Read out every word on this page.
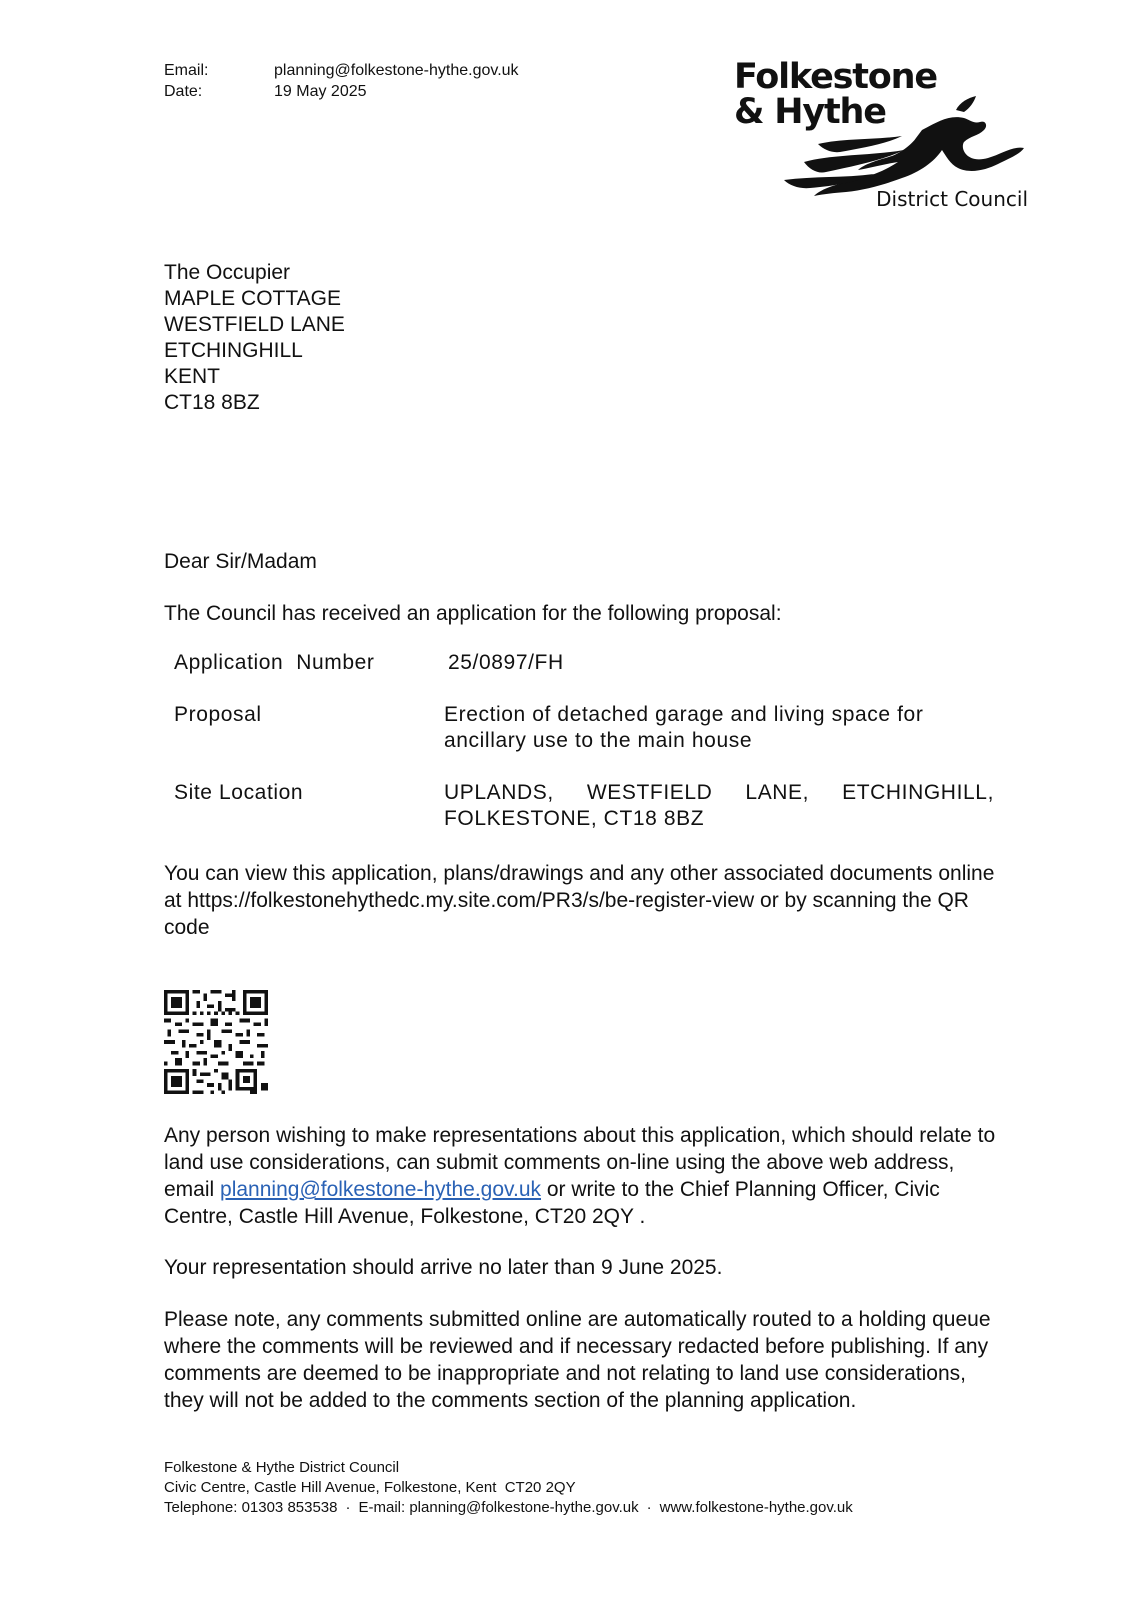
Email:	planning@folkestone-hythe.gov.uk
Date:	19 May 2025	Folkestone
& Hythe
District Council
The Occupier
MAPLE COTTAGE
WESTFIELD LANE
ETCHINGHILL
KENT
CT18 8BZ
Dear Sir/Madam
The Council has received an application for the following proposal:
Application  Number	25/0897/FH
Proposal	Erection of detached garage and living space for ancillary use to the main house
Site Location	UPLANDS, WESTFIELD LANE, ETCHINGHILL, FOLKESTONE, CT18 8BZ
You can view this application, plans/drawings and any other associated documents online at https://folkestonehythedc.my.site.com/PR3/s/be-register-view or by scanning the QR code
Any person wishing to make representations about this application, which should relate to land use considerations, can submit comments on-line using the above web address, email planning@folkestone-hythe.gov.uk or write to the Chief Planning Officer, Civic Centre, Castle Hill Avenue, Folkestone, CT20 2QY .
Your representation should arrive no later than 9 June 2025.
Please note, any comments submitted online are automatically routed to a holding queue where the comments will be reviewed and if necessary redacted before publishing. If any comments are deemed to be inappropriate and not relating to land use considerations, they will not be added to the comments section of the planning application.
Folkestone & Hythe District Council
Civic Centre, Castle Hill Avenue, Folkestone, Kent  CT20 2QY
Telephone: 01303 853538 · E-mail: planning@folkestone-hythe.gov.uk · www.folkestone-hythe.gov.uk
